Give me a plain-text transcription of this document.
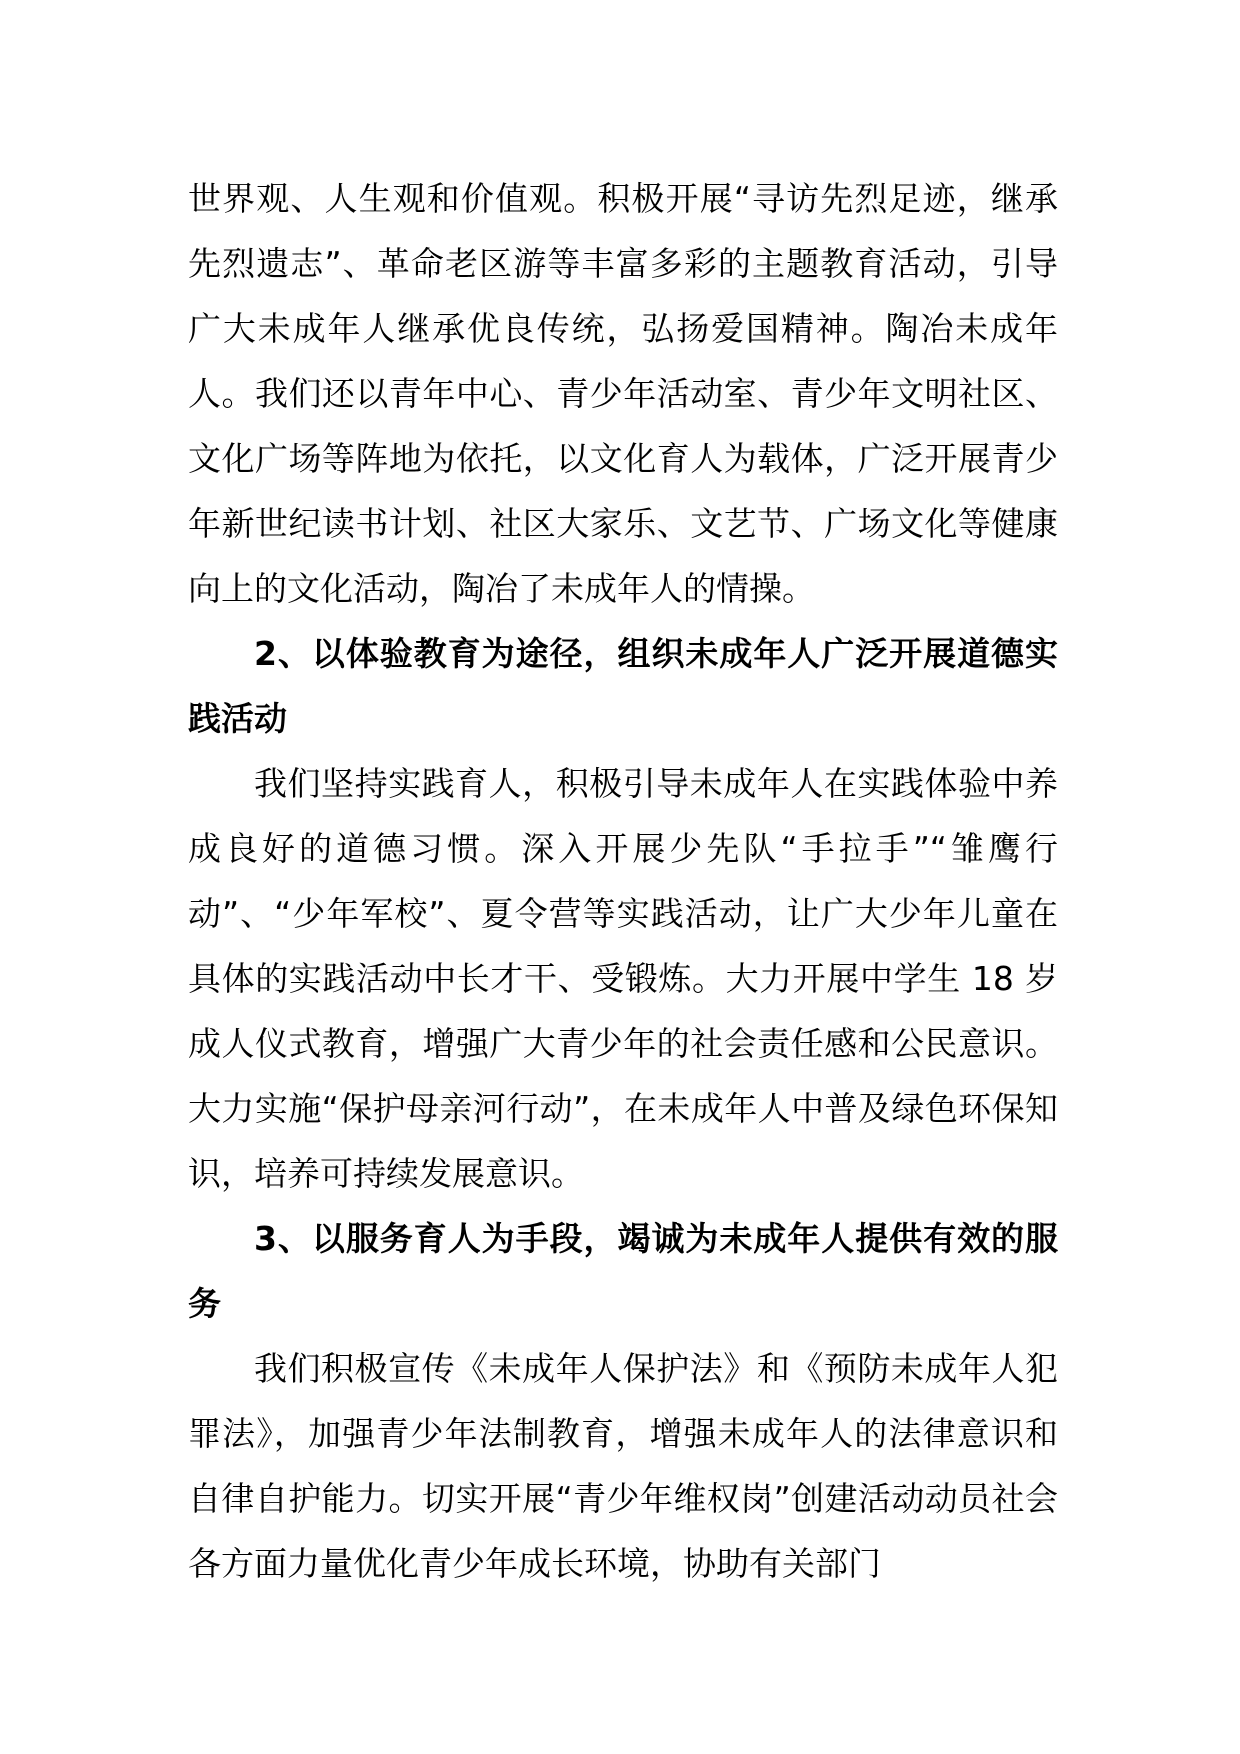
世界观、人生观和价值观。积极开展“寻访先烈足迹，继承先烈遗志”、革命老区游等丰富多彩的主题教育活动，引导广大未成年人继承优良传统，弘扬爱国精神。陶冶未成年人。我们还以青年中心、青少年活动室、青少年文明社区、文化广场等阵地为依托，以文化育人为载体，广泛开展青少年新世纪读书计划、社区大家乐、文艺节、广场文化等健康向上的文化活动，陶冶了未成年人的情操。

2、以体验教育为途径，组织未成年人广泛开展道德实践活动

我们坚持实践育人，积极引导未成年人在实践体验中养成良好的道德习惯。深入开展少先队“手拉手”“雏鹰行动”、“少年军校”、夏令营等实践活动，让广大少年儿童在具体的实践活动中长才干、受锻炼。大力开展中学生 18 岁成人仪式教育，增强广大青少年的社会责任感和公民意识。大力实施“保护母亲河行动”，在未成年人中普及绿色环保知识，培养可持续发展意识。

3、以服务育人为手段，竭诚为未成年人提供有效的服务

我们积极宣传《未成年人保护法》和《预防未成年人犯罪法》，加强青少年法制教育，增强未成年人的法律意识和自律自护能力。切实开展“青少年维权岗”创建活动动员社会各方面力量优化青少年成长环境，协助有关部门
